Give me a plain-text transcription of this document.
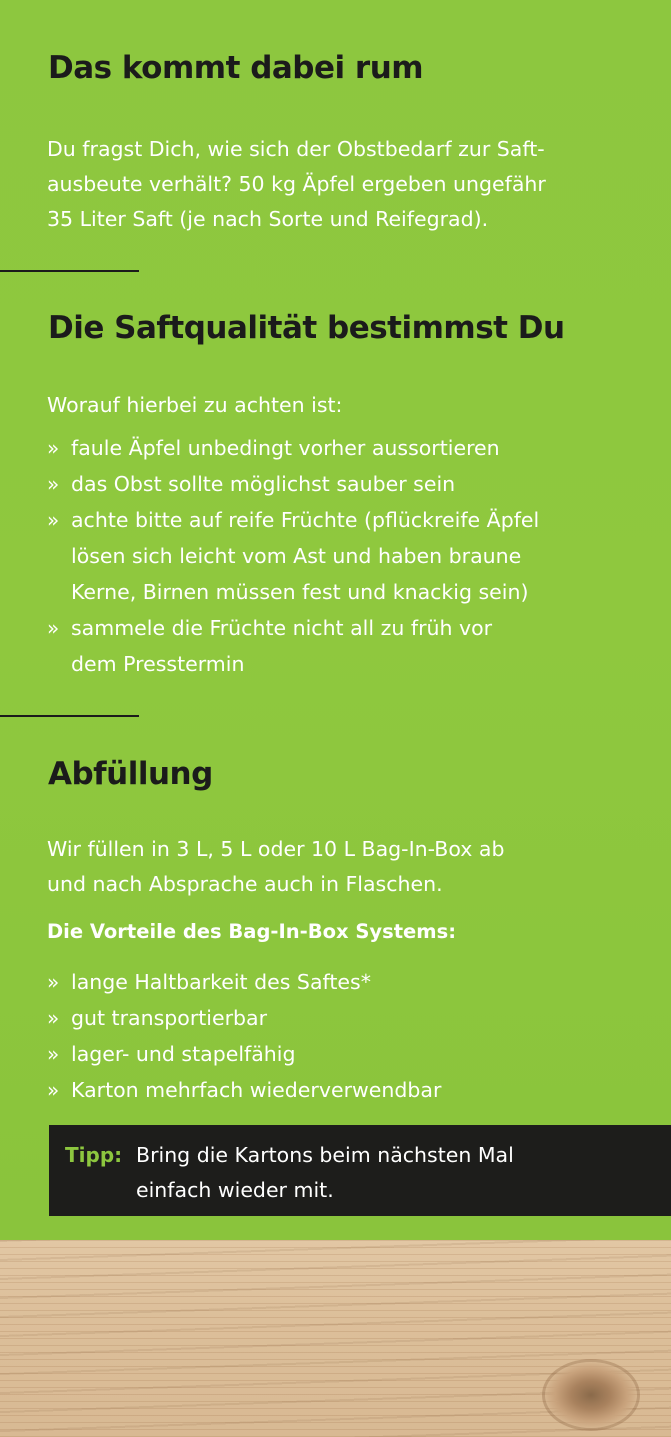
Das kommt dabei rum
Du fragst Dich, wie sich der Obstbedarf zur Saft-
ausbeute verhält? 50 kg Äpfel ergeben ungefähr
35 Liter Saft (je nach Sorte und Reifegrad).
Die Saftqualität bestimmst Du
Worauf hierbei zu achten ist:
» faule Äpfel unbedingt vorher aussortieren
» das Obst sollte möglichst sauber sein
» achte bitte auf reife Früchte (pflückreife Äpfel
lösen sich leicht vom Ast und haben braune
Kerne, Birnen müssen fest und knackig sein)
» sammele die Früchte nicht all zu früh vor
dem Presstermin
Abfüllung
Wir füllen in 3 L, 5 L oder 10 L Bag-In-Box ab
und nach Absprache auch in Flaschen.
Die Vorteile des Bag-In-Box Systems:
» lange Haltbarkeit des Saftes*
» gut transportierbar
» lager- und stapelfähig
» Karton mehrfach wiederverwendbar
Tipp: Bring die Kartons beim nächsten Mal
einfach wieder mit.
